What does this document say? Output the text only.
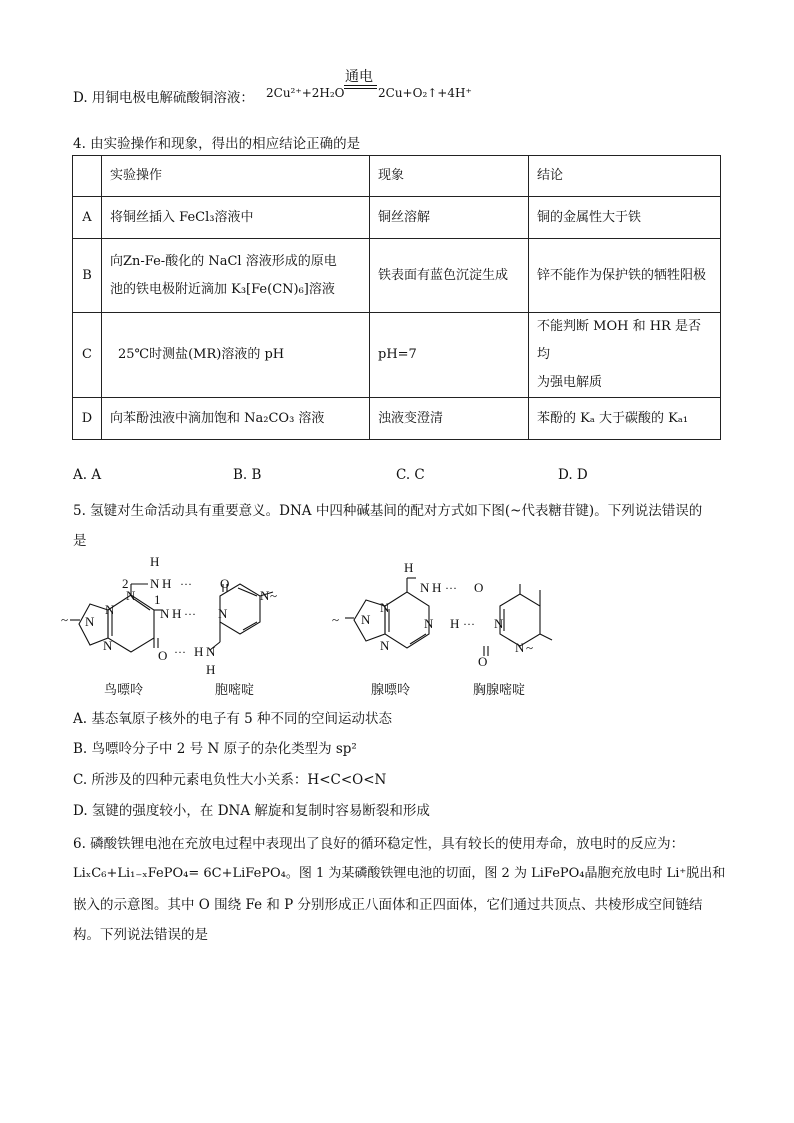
D. 用铜电极电解硫酸铜溶液： 2Cu²⁺+2H₂O
通电
2Cu+O₂↑+4H⁺
4. 由实验操作和现象，得出的相应结论正确的是
	实验操作	现象	结论
A	将铜丝插入 FeCl₃溶液中	铜丝溶解	铜的金属性大于铁
B	向Zn-Fe-酸化的 NaCl 溶液形成的原电
池的铁电极附近滴加 K₃[Fe(CN)₆]溶液	铁表面有蓝色沉淀生成	锌不能作为保护铁的牺牲阳极
C	25℃时测盐(MR)溶液的 pH	pH=7	不能判断 MOH 和 HR 是否均
为强电解质

D	向苯酚浊液中滴加饱和 Na₂CO₃ 溶液	浊液变澄清	苯酚的 Kₐ 大于碳酸的 Kₐ₁
A. A	B. B	C. C	D. D
5. 氢键对生命活动具有重要意义。DNA 中四种碱基间的配对方式如下图(~代表糖苷键)。下列说法错误的
是
2
N 1
N H
N H
H
N
N
N
~
O
O
N ~
N
H N
H
H
N H	O
N H	N
N
N
N
~
N ~
O
···
···
···
···
···
鸟嘌呤	胞嘧啶	腺嘌呤	胸腺嘧啶
A. 基态氧原子核外的电子有 5 种不同的空间运动状态
B. 鸟嘌呤分子中 2 号 N 原子的杂化类型为 sp²
C. 所涉及的四种元素电负性大小关系：H<C<O<N
D. 氢键的强度较小，在 DNA 解旋和复制时容易断裂和形成
6. 磷酸铁锂电池在充放电过程中表现出了良好的循环稳定性，具有较长的使用寿命，放电时的反应为：
LiₓC₆+Li₁₋ₓFePO₄= 6C+LiFePO₄。图 1 为某磷酸铁锂电池的切面，图 2 为 LiFePO₄晶胞充放电时 Li⁺脱出和
嵌入的示意图。其中 O 围绕 Fe 和 P 分别形成正八面体和正四面体，它们通过共顶点、共棱形成空间链结
构。下列说法错误的是
